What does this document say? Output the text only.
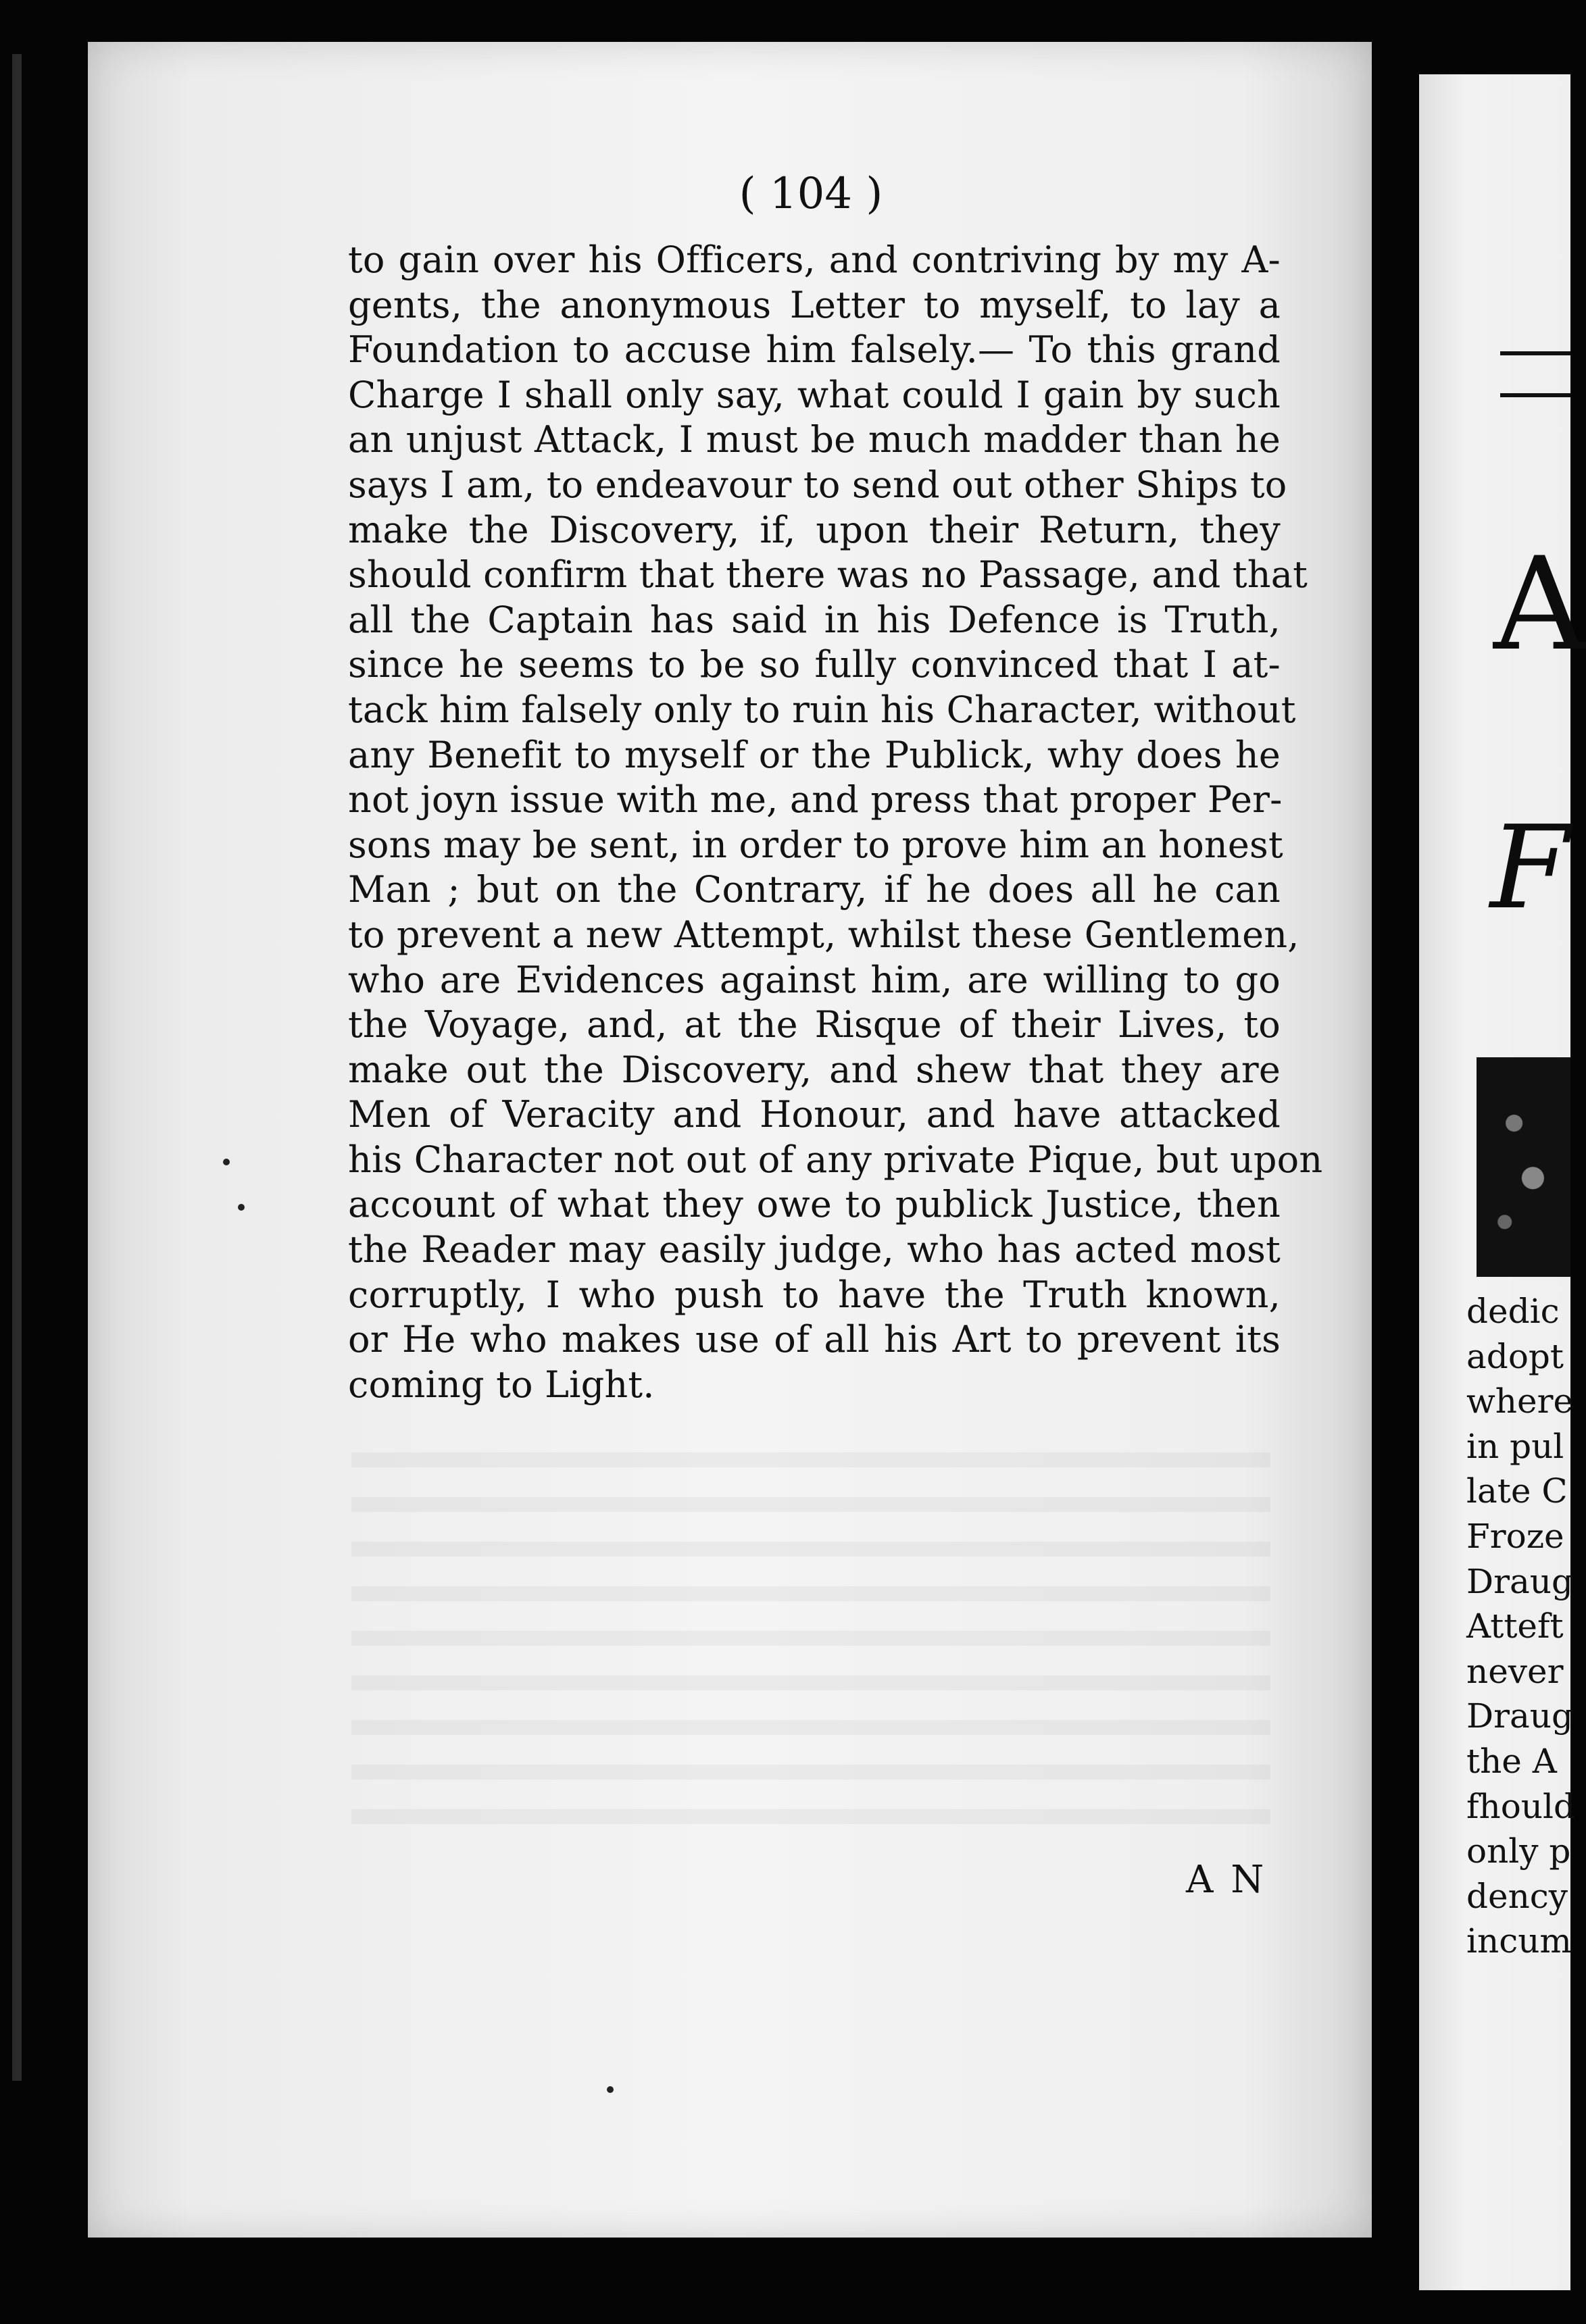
( 104 )
to gain over his Officers, and contriving by my A-
gents, the anonymous Letter to myself, to lay a
Foundation to accuse him falsely.— To this grand
Charge I shall only say, what could I gain by such
an unjust Attack, I must be much madder than he
says I am, to endeavour to send out other Ships to
make the Discovery, if, upon their Return, they
should confirm that there was no Passage, and that
all the Captain has said in his Defence is Truth,
since he seems to be so fully convinced that I at-
tack him falsely only to ruin his Character, without
any Benefit to myself or the Publick, why does he
not joyn issue with me, and press that proper Per-
sons may be sent, in order to prove him an honest
Man ; but on the Contrary, if he does all he can
to prevent a new Attempt, whilst these Gentlemen,
who are Evidences against him, are willing to go
the Voyage, and, at the Risque of their Lives, to
make out the Discovery, and shew that they are
Men of Veracity and Honour, and have attacked
his Character not out of any private Pique, but upon
account of what they owe to publick Justice, then
the Reader may easily judge, who has acted most
corruptly, I who push to have the Truth known,
or He who makes use of all his Art to prevent its
coming to Light.
A N
A
F
dedic
adopt
where
in pul
late C
Froze
Draug
Atteft
never
Draug
the A
fhould
only p
dency
incum
